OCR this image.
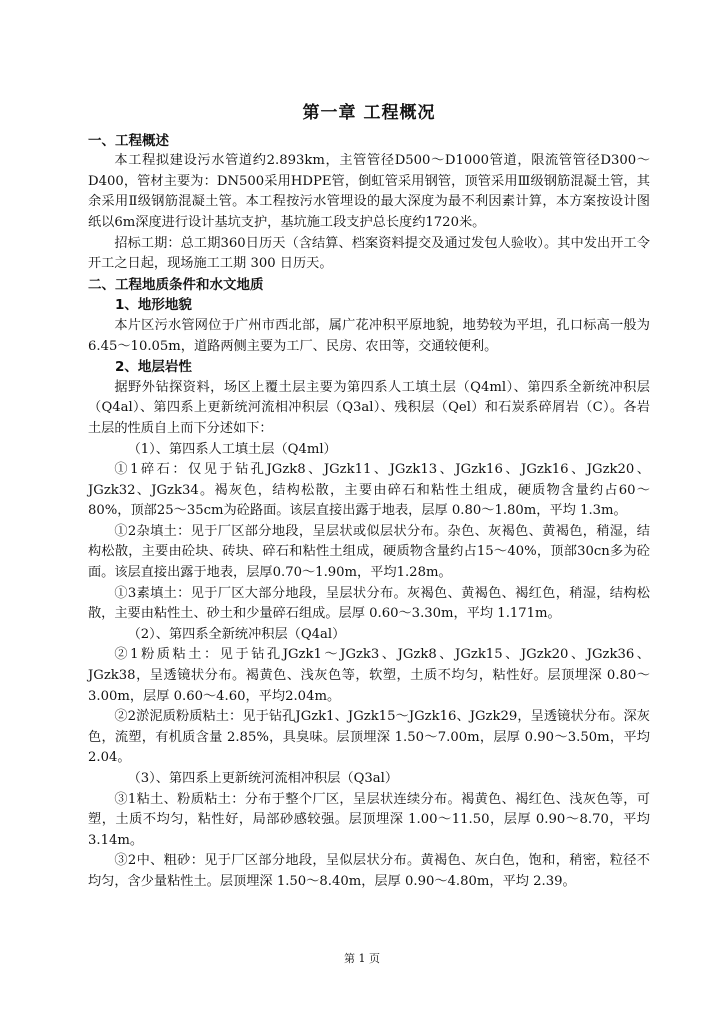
第一章 工程概况
一、工程概述

本工程拟建设污水管道约2.893km，主管管径D500～D1000管道，限流管管径D300～D400，管材主要为：DN500采用HDPE管，倒虹管采用钢管，顶管采用Ⅲ级钢筋混凝土管，其余采用Ⅱ级钢筋混凝土管。本工程按污水管埋设的最大深度为最不利因素计算，本方案按设计图纸以6m深度进行设计基坑支护，基坑施工段支护总长度约1720米。

招标工期：总工期360日历天（含结算、档案资料提交及通过发包人验收）。其中发出开工令开工之日起，现场施工工期 300 日历天。

二、工程地质条件和水文地质
1、地形地貌

本片区污水管网位于广州市西北部，属广花冲积平原地貌，地势较为平坦，孔口标高一般为6.45～10.05m，道路两侧主要为工厂、民房、农田等，交通较便利。

2、地层岩性

据野外钻探资料，场区上覆土层主要为第四系人工填土层（Q4ml）、第四系全新统冲积层（Q4al）、第四系上更新统河流相冲积层（Q3al）、残积层（Qel）和石炭系碎屑岩（C）。各岩土层的性质自上而下分述如下：

（1）、第四系人工填土层（Q4ml）

①1碎石：仅见于钻孔JGzk8、JGzk11、JGzk13、JGzk16、JGzk16、JGzk20、JGzk32、JGzk34。褐灰色，结构松散，主要由碎石和粘性土组成，硬质物含量约占60～80%，顶部25～35cm为砼路面。该层直接出露于地表，层厚 0.80～1.80m，平均 1.3m。

①2杂填土：见于厂区部分地段，呈层状或似层状分布。杂色、灰褐色、黄褐色，稍湿，结构松散，主要由砼块、砖块、碎石和粘性土组成，硬质物含量约占15～40%，顶部30cn多为砼面。该层直接出露于地表，层厚0.70～1.90m，平均1.28m。

①3素填土：见于厂区大部分地段，呈层状分布。灰褐色、黄褐色、褐红色，稍湿，结构松散，主要由粘性土、砂土和少量碎石组成。层厚 0.60～3.30m，平均 1.171m。

（2）、第四系全新统冲积层（Q4al）

②1粉质粘土：见于钻孔JGzk1～JGzk3、JGzk8、JGzk15、JGzk20、JGzk36、JGzk38，呈透镜状分布。褐黄色、浅灰色等，软塑，土质不均匀，粘性好。层顶埋深 0.80～3.00m，层厚 0.60～4.60，平均2.04m。

②2淤泥质粉质粘土：见于钻孔JGzk1、JGzk15～JGzk16、JGzk29，呈透镜状分布。深灰色，流塑，有机质含量 2.85%，具臭味。层顶埋深 1.50～7.00m，层厚 0.90～3.50m，平均 2.04。

（3）、第四系上更新统河流相冲积层（Q3al）

③1粘土、粉质粘土：分布于整个厂区，呈层状连续分布。褐黄色、褐红色、浅灰色等，可塑，土质不均匀，粘性好，局部砂感较强。层顶埋深 1.00～11.50，层厚 0.90～8.70，平均 3.14m。

③2中、粗砂：见于厂区部分地段，呈似层状分布。黄褐色、灰白色，饱和，稍密，粒径不均匀，含少量粘性土。层顶埋深 1.50～8.40m，层厚 0.90～4.80m，平均 2.39。

第 1 页
